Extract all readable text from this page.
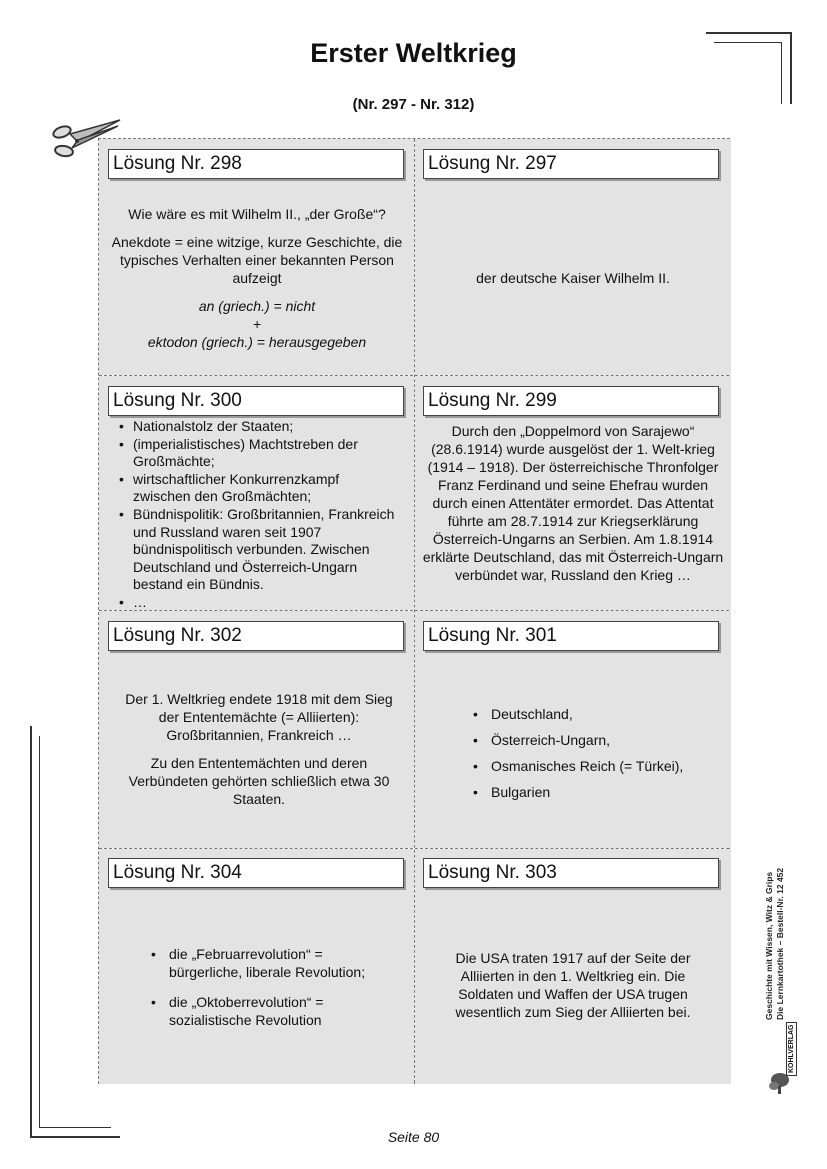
Erster Weltkrieg
(Nr. 297 - Nr. 312)
Lösung Nr. 298

Wie wäre es mit Wilhelm II., „der Große“?

Anekdote = eine witzige, kurze Geschichte, die typisches Verhalten einer bekannten Person aufzeigt

an (griech.) = nicht
+
ektodon (griech.) = herausgegeben
Lösung Nr. 297
der deutsche Kaiser Wilhelm II.
Lösung Nr. 300
• Nationalstolz der Staaten;
• (imperialistisches) Machtstreben der Großmächte;
• wirtschaftlicher Konkurrenzkampf zwischen den Großmächten;
• Bündnispolitik: Großbritannien, Frankreich und Russland waren seit 1907 bündnispolitisch verbunden. Zwischen Deutschland und Österreich-Ungarn bestand ein Bündnis.
• …
Lösung Nr. 299
Durch den „Doppelmord von Sarajewo“ (28.6.1914) wurde ausgelöst der 1. Welt-krieg (1914 – 1918). Der österreichische Thronfolger Franz Ferdinand und seine Ehefrau wurden durch einen Attentäter ermordet. Das Attentat führte am 28.7.1914 zur Kriegserklärung Österreich-Ungarns an Serbien. Am 1.8.1914 erklärte Deutschland, das mit Österreich-Ungarn verbündet war, Russland den Krieg …
Lösung Nr. 302

Der 1. Weltkrieg endete 1918 mit dem Sieg der Ententemächte (= Alliierten): Großbritannien, Frankreich …

Zu den Ententemächten und deren Verbündeten gehörten schließlich etwa 30 Staaten.

Lösung Nr. 301
• Deutschland,
• Österreich-Ungarn,
• Osmanisches Reich (= Türkei),
• Bulgarien
Lösung Nr. 304
• die „Februarrevolution“ = bürgerliche, liberale Revolution;
• die „Oktoberrevolution“ = sozialistische Revolution
Lösung Nr. 303
Die USA traten 1917 auf der Seite der Alliierten in den 1. Weltkrieg ein. Die Soldaten und Waffen der USA trugen wesentlich zum Sieg der Alliierten bei.	Geschichte mit Wissen, Witz & Grips Die Lernkartothek – Bestell-Nr. 12 452
KOHLVERLAG
Seite 80
